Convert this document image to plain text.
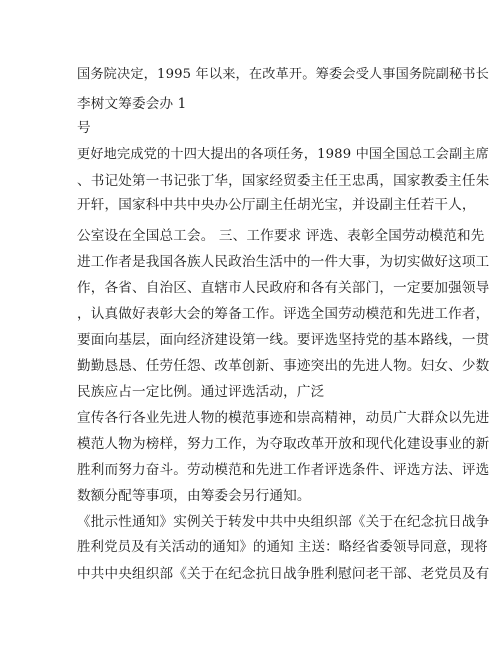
国务院决定，1995 年以来，在改革开。筹委会受人事国务院副秘书长
李树文筹委会办 1
号
更好地完成党的十四大提出的各项任务，1989 中国全国总工会副主席
、书记处第一书记张丁华，国家经贸委主任王忠禹，国家教委主任朱
开轩，国家科中共中央办公厅副主任胡光宝，并设副主任若干人，
公室设在全国总工会。 三、工作要求 评选、表彰全国劳动模范和先
进工作者是我国各族人民政治生活中的一件大事，为切实做好这项工
作，各省、自治区、直辖市人民政府和各有关部门，一定要加强领导
，认真做好表彰大会的筹备工作。评选全国劳动模范和先进工作者，
要面向基层，面向经济建设第一线。要评选坚持党的基本路线，一贯
勤勤恳恳、任劳任怨、改革创新、事迹突出的先进人物。妇女、少数
民族应占一定比例。通过评选活动，广泛
宣传各行各业先进人物的模范事迹和崇高精神，动员广大群众以先进
模范人物为榜样，努力工作，为夺取改革开放和现代化建设事业的新
胜利而努力奋斗。劳动模范和先进工作者评选条件、评选方法、评选
数额分配等事项，由筹委会另行通知。
《批示性通知》实例关于转发中共中央组织部《关于在纪念抗日战争
胜利党员及有关活动的通知》的通知 主送：略经省委领导同意，现将
中共中央组织部《关于在纪念抗日战争胜利慰问老干部、老党员及有
